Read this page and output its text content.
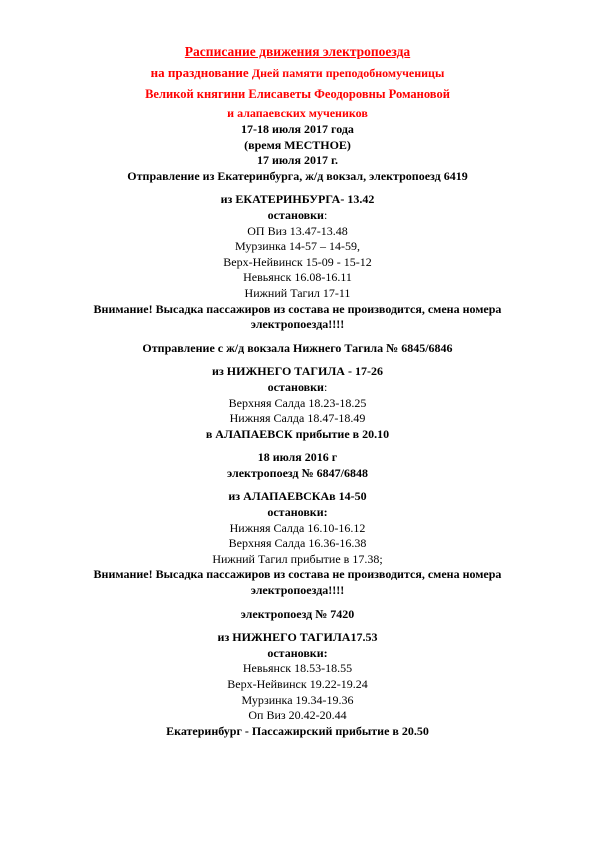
Расписание движения электропоезда
на празднование Дней памяти преподобномученицы
Великой княгини Елисаветы Феодоровны Романовой
и алапаевских мучеников
17-18 июля 2017 года
(время МЕСТНОЕ)
17 июля 2017 г.
Отправление из Екатеринбурга, ж/д вокзал, электропоезд 6419
из ЕКАТЕРИНБУРГА- 13.42
остановки:
ОП Виз 13.47-13.48
Мурзинка 14-57 – 14-59,
Верх-Нейвинск 15-09 - 15-12
Невьянск 16.08-16.11
Нижний Тагил 17-11
Внимание! Высадка пассажиров из состава не производится, смена номера
электропоезда!!!!
Отправление с ж/д вокзала Нижнего Тагила № 6845/6846
из НИЖНЕГО ТАГИЛА - 17-26
остановки:
Верхняя Салда 18.23-18.25
Нижняя Салда 18.47-18.49
в АЛАПАЕВСК прибытие в 20.10
18 июля 2016 г
электропоезд № 6847/6848
из АЛАПАЕВСКАв 14-50
остановки:
Нижняя Салда 16.10-16.12
Верхняя Салда 16.36-16.38
Нижний Тагил прибытие в 17.38;
Внимание! Высадка пассажиров из состава не производится, смена номера
электропоезда!!!!
электропоезд № 7420
из НИЖНЕГО ТАГИЛА17.53
остановки:
Невьянск 18.53-18.55
Верх-Нейвинск 19.22-19.24
Мурзинка 19.34-19.36
Оп Виз 20.42-20.44
Екатеринбург - Пассажирский прибытие в 20.50
